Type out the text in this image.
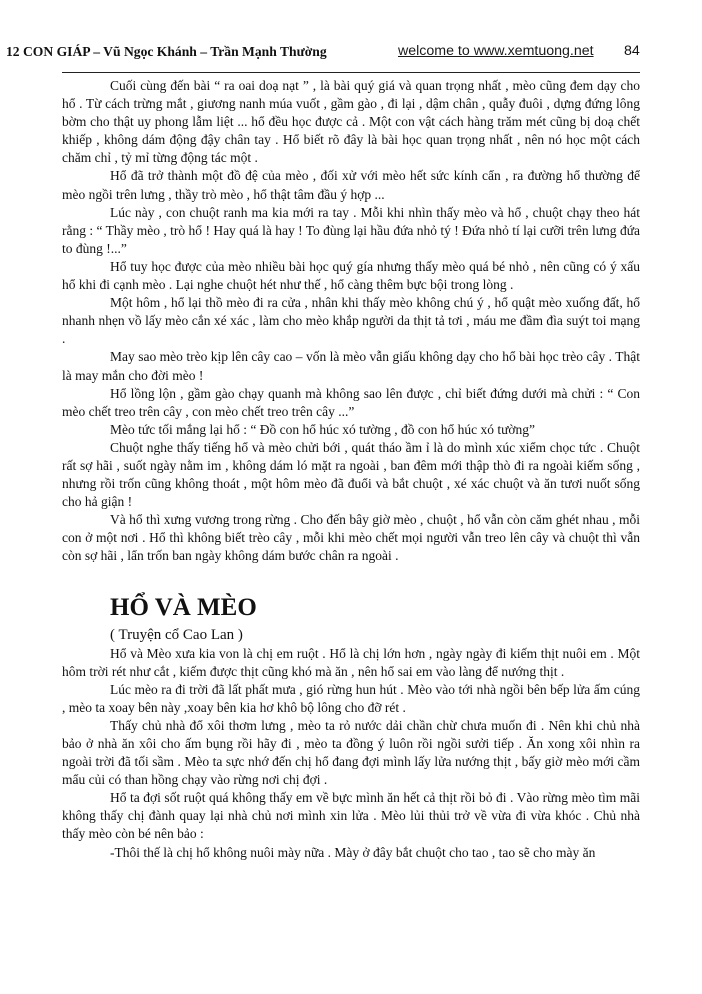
12 CON GIÁP – Vũ Ngọc Khánh – Trần Mạnh Thường	welcome to www.xemtuong.net 84

Cuối cùng đến bài “ ra oai doạ nạt ” , là bài quý giá và quan trọng nhất , mèo cũng đem dạy cho hổ . Từ cách trừng mắt , giương nanh múa vuốt , gầm gào , đi lại , dậm chân , quẫy đuôi , dựng đứng lông bờm cho thật uy phong lẫm liệt ... hổ đều học được cả . Một con vật cách hàng trăm mét cũng bị doạ chết khiếp , không dám động đậy chân tay . Hổ biết rõ đây là bài học quan trọng nhất , nên nó học một cách chăm chỉ , tỷ mỉ từng động tác một .

Hổ đã trở thành một đồ đệ của mèo , đối xử với mèo hết sức kính cẩn , ra đường hổ thường để mèo ngồi trên lưng , thầy trò mèo , hổ thật tâm đầu ý hợp ...

Lúc này , con chuột ranh ma kia mới ra tay . Mỗi khi nhìn thấy mèo và hổ , chuột chạy theo hát rằng : “ Thầy mèo , trò hổ ! Hay quá là hay ! To đùng lại hầu đứa nhỏ tý ! Đứa nhỏ tí lại cưỡi trên lưng đứa to đùng !...”

Hổ tuy học được của mèo nhiều bài học quý gía nhưng thấy mèo quá bé nhỏ , nên cũng có ý xấu hổ khi đi cạnh mèo . Lại nghe chuột hét như thế , hổ càng thêm bực bội trong lòng .

Một hôm , hổ lại thồ mèo đi ra cửa , nhân khi thấy mèo không chú ý , hổ quật mèo xuống đất, hổ nhanh nhẹn vồ lấy mèo cắn xé xác , làm cho mèo khắp người da thịt tả tơi , máu me đầm đìa suýt toi mạng .

May sao mèo trèo kịp lên cây cao – vốn là mèo vẫn giấu không dạy cho hổ bài học trèo cây . Thật là may mắn cho đời mèo !

Hổ lồng lộn , gầm gào chạy quanh mà không sao lên được , chỉ biết đứng dưới mà chửi : “ Con mèo chết treo trên cây , con mèo chết treo trên cây ...”

Mèo tức tối mắng lại hổ : “ Đồ con hổ húc xó tường , đồ con hổ húc xó tường”

Chuột nghe thấy tiếng hổ và mèo chửi bới , quát tháo ầm ỉ là do mình xúc xiểm chọc tức . Chuột rất sợ hãi , suốt ngày nằm im , không dám ló mặt ra ngoài , ban đêm mới thập thò đi ra ngoài kiếm sống , nhưng rồi trốn cũng không thoát , một hôm mèo đã đuổi và bắt chuột , xé xác chuột và ăn tươi nuốt sống cho hả giận !

Và hổ thì xưng vương trong rừng . Cho đến bây giờ mèo , chuột , hổ vẫn còn căm ghét nhau , mỗi con ở một nơi . Hổ thì không biết trèo cây , mỗi khi mèo chết mọi người vẫn treo lên cây và chuột thì vẫn còn sợ hãi , lẩn trốn ban ngày không dám bước chân ra ngoài .

HỔ VÀ MÈO
( Truyện cổ Cao Lan )

Hổ và Mèo xưa kia von là chị em ruột . Hổ là chị lớn hơn , ngày ngày đi kiếm thịt nuôi em . Một hôm trời rét như cắt , kiếm được thịt cũng khó mà ăn , nên hổ sai em vào làng để nướng thịt .

Lúc mèo ra đi trời đã lất phất mưa , gió rừng hun hút . Mèo vào tới nhà ngồi bên bếp lửa ấm cúng , mèo ta xoay bên này ,xoay bên kia hơ khô bộ lông cho đỡ rét .

Thấy chủ nhà đổ xôi thơm lưng , mèo ta rỏ nước dải chần chừ chưa muốn đi . Nên khi chủ nhà bảo ở nhà ăn xôi cho ấm bụng rồi hãy đi , mèo ta đồng ý luôn rồi ngồi sưởi tiếp . Ăn xong xôi nhìn ra ngoài trời đã tối sầm . Mèo ta sực nhớ đến chị hổ đang đợi mình lấy lửa nướng thịt , bấy giờ mèo mới cầm mẩu củi có than hồng chạy vào rừng nơi chị đợi .

Hổ ta đợi sốt ruột quá không thấy em về bực mình ăn hết cả thịt rồi bỏ đi . Vào rừng mèo tìm mãi không thấy chị đành quay lại nhà chủ nơi mình xin lửa . Mèo lủi thủi trở về vừa đi vừa khóc . Chủ nhà thấy mèo còn bé nên bảo :

-Thôi thế là chị hổ không nuôi mày nữa . Mày ở đây bắt chuột cho tao , tao sẽ cho mày ăn
